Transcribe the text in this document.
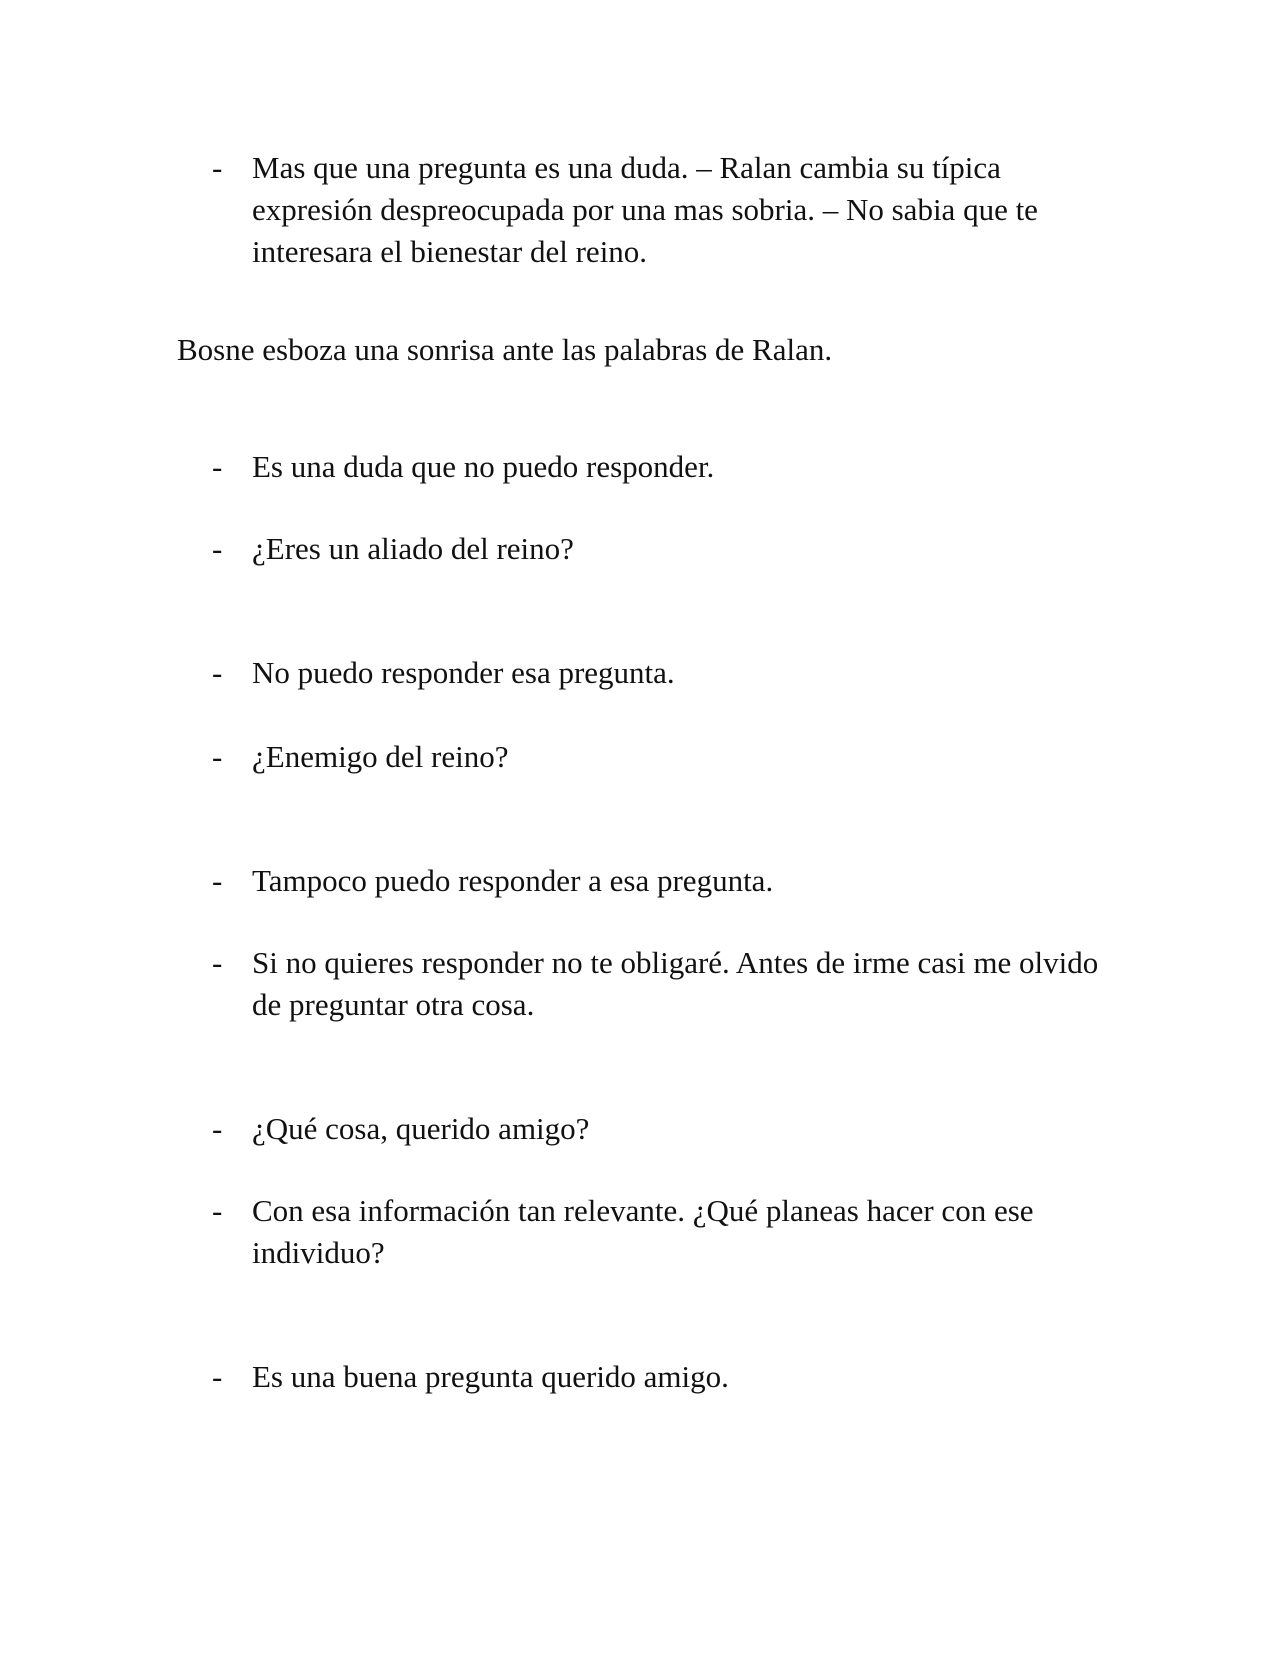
- Mas que una pregunta es una duda. – Ralan cambia su típica expresión despreocupada por una mas sobria. – No sabia que te interesara el bienestar del reino.
Bosne esboza una sonrisa ante las palabras de Ralan.
- Es una duda que no puedo responder.
- ¿Eres un aliado del reino?
- No puedo responder esa pregunta.
- ¿Enemigo del reino?
- Tampoco puedo responder a esa pregunta.
- Si no quieres responder no te obligaré. Antes de irme casi me olvido de preguntar otra cosa.
- ¿Qué cosa, querido amigo?
- Con esa información tan relevante. ¿Qué planeas hacer con ese individuo?
- Es una buena pregunta querido amigo.
